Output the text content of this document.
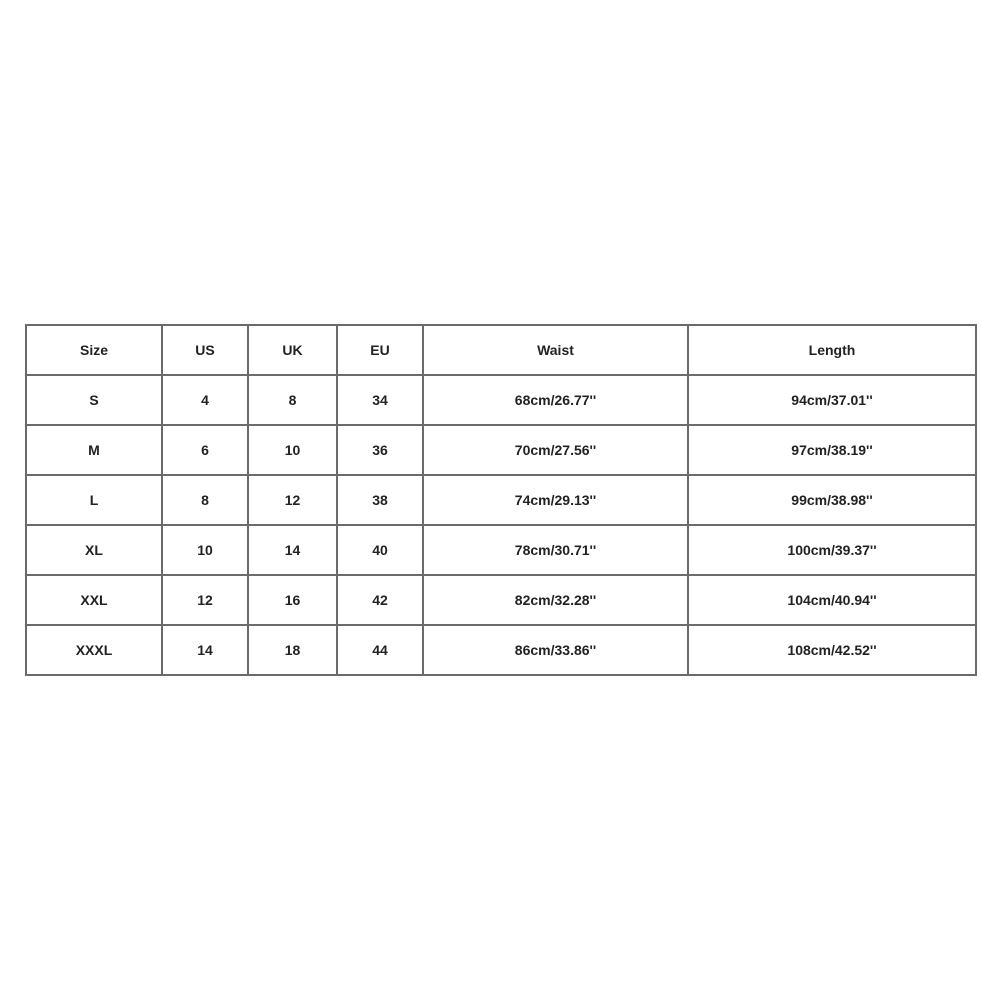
Size	US	UK	EU	Waist	Length
S	4	8	34	68cm/26.77''	94cm/37.01''
M	6	10	36	70cm/27.56''	97cm/38.19''
L	8	12	38	74cm/29.13''	99cm/38.98''
XL	10	14	40	78cm/30.71''	100cm/39.37''
XXL	12	16	42	82cm/32.28''	104cm/40.94''
XXXL	14	18	44	86cm/33.86''	108cm/42.52''
